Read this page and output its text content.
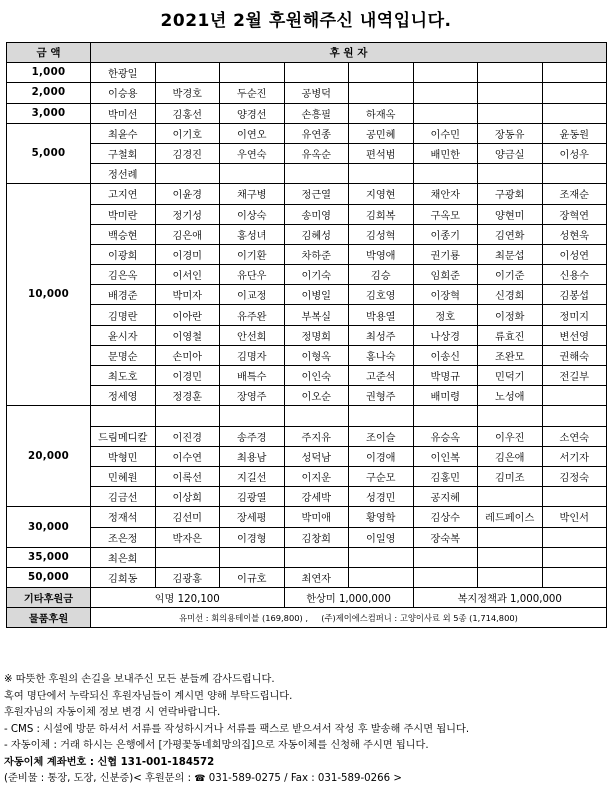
2021년 2월 후원해주신 내역입니다.
금 액	후 원 자							
1,000	한광일							
2,000	이승용	박경호	두순진	공병덕				
3,000	박미선	김홍선	양경선	손흥필	하재옥			
5,000	최윤수	이기호	이연오	유연종	공민혜	이수민	장동유	윤동원
	구철회	김경진	우연숙	유옥순	편석범	배민한	양금실	이성우
	정선례							
10,000	고지연	이윤경	채구병	정근열	지영현	채안자	구광회	조재순
	박미란	정기성	이상숙	송미영	김희복	구옥모	양현미	장혁연
	백승현	김은애	홍성녀	김혜성	김성혁	이종기	김연화	성현욱
	이광희	이경미	이기환	차하준	박영애	권기룡	최문섭	이성연
	김은옥	이서인	유단우	이기숙	김승	임희준	이기준	신용수
	배경준	박미자	이교정	이병일	김호영	이장혁	신경희	김봉섭
	김명란	이아란	유주완	부복실	박용열	정호	이정화	정미지
	윤시자	이영철	안선희	정명희	최성주	나상경	류효진	변선영
	문명순	손미아	김명자	이형옥	홍나숙	이송신	조완모	권해숙
	최도호	이경민	배특수	이인숙	고준석	박명규	민덕기	전길부
	정세영	정경훈	장영주	이오순	권형주	배미령	노성애	
20,000								
	드림메디칼	이진경	송주경	주지유	조이슬	유승옥	이우진	소연숙
	박형민	이수연	최용남	성덕남	이경애	이인복	김은애	서기자
	민혜원	이록선	지길선	이지운	구순모	김홍민	김미조	김정숙
	김금선	이상희	김광열	강세박	성경민	공지혜		
30,000	정재석	김선미	장세평	박미애	황영학	김상수	레드페이스	박인서
	조은정	박자은	이경형	김창희	이일영	장숙복		
35,000	최은희							
50,000	김희동	김광홍	이규호	최연자				
기타후원금	익명 120,100			한상미 1,000,000		복지정책과 1,000,000		
물품후원	유미선 : 회의용테이블 (169,800) , (주)제이에스컴퍼니 : 고양이사료 외 5종 (1,714,800)							
※ 따뜻한 후원의 손길을 보내주신 모든 분들께 감사드립니다.
혹여 명단에서 누락되신 후원자님들이 계시면 양해 부탁드립니다.
후원자님의 자동이체 정보 변경 시 연락바랍니다.
- CMS : 시설에 방문 하셔서 서류를 작성하시거나 서류를 팩스로 받으셔서 작성 후 발송해 주시면 됩니다.
- 자동이체 : 거래 하시는 은행에서 [가평꽃동네희망의집]으로 자동이체를 신청해 주시면 됩니다.
자동이체 계좌번호 : 신협 131-001-184572
(준비물 : 통장, 도장, 신분증)< 후원문의 : ☎ 031-589-0275 / Fax : 031-589-0266 >
